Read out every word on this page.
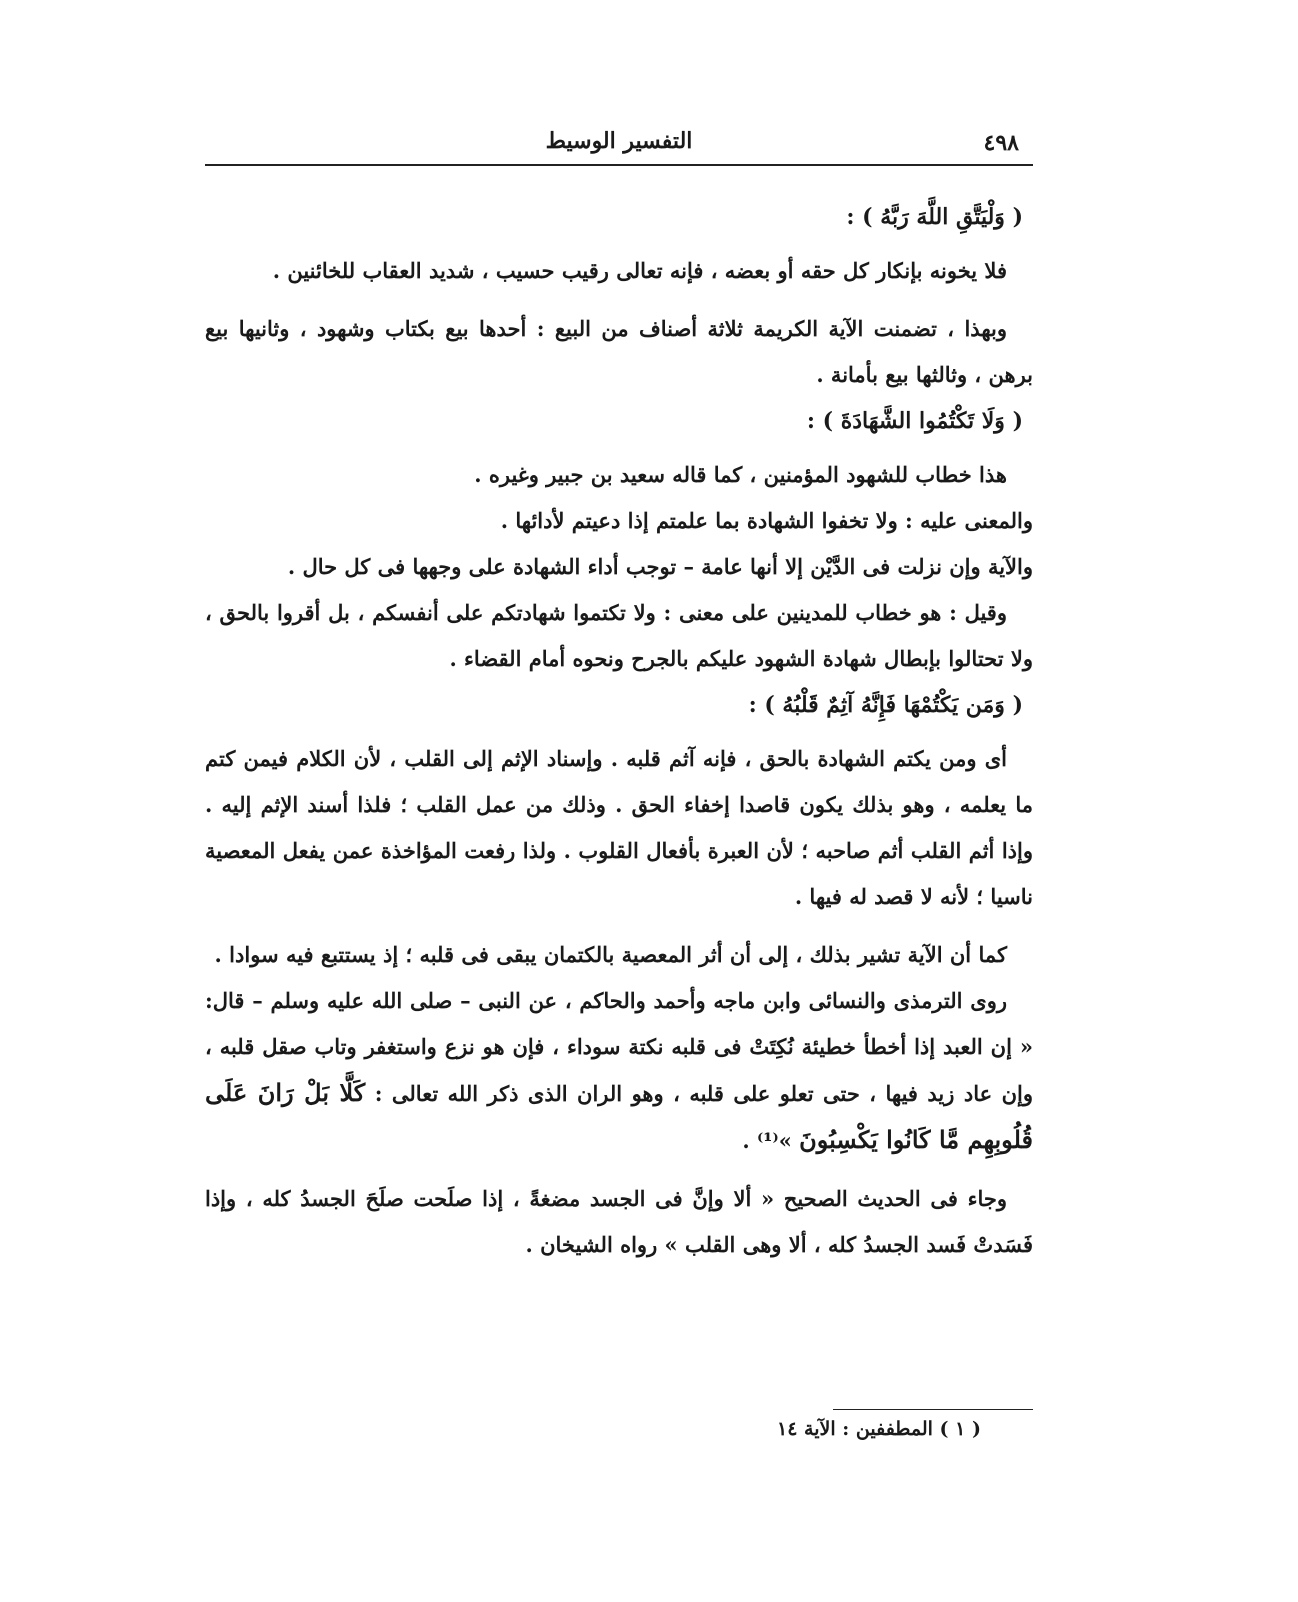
٤٩٨
التفسير الوسيط
( وَلْيَتَّقِ اللَّهَ رَبَّهُ ) :

فلا يخونه بإنكار كل حقه أو بعضه ، فإنه تعالى رقيب حسيب ، شديد العقاب للخائنين .

وبهذا ، تضمنت الآية الكريمة ثلاثة أصناف من البيع : أحدها بيع بكتاب وشهود ، وثانيها بيع برهن ، وثالثها بيع بأمانة .

( وَلَا تَكْتُمُوا الشَّهَادَةَ ) :

هذا خطاب للشهود المؤمنين ، كما قاله سعيد بن جبير وغيره .

والمعنى عليه : ولا تخفوا الشهادة بما علمتم إذا دعيتم لأدائها .

والآية وإن نزلت فى الدَّيْن إلا أنها عامة – توجب أداء الشهادة على وجهها فى كل حال .

وقيل : هو خطاب للمدينين على معنى : ولا تكتموا شهادتكم على أنفسكم ، بل أقروا بالحق ، ولا تحتالوا بإبطال شهادة الشهود عليكم بالجرح ونحوه أمام القضاء .

( وَمَن يَكْتُمْهَا فَإِنَّهُ آثِمٌ قَلْبُهُ ) :

أى ومن يكتم الشهادة بالحق ، فإنه آثم قلبه . وإسناد الإثم إلى القلب ، لأن الكلام فيمن كتم ما يعلمه ، وهو بذلك يكون قاصدا إخفاء الحق . وذلك من عمل القلب ؛ فلذا أسند الإثم إليه . وإذا أثم القلب أثم صاحبه ؛ لأن العبرة بأفعال القلوب . ولذا رفعت المؤاخذة عمن يفعل المعصية ناسيا ؛ لأنه لا قصد له فيها .

كما أن الآية تشير بذلك ، إلى أن أثر المعصية بالكتمان يبقى فى قلبه ؛ إذ يستتبع فيه سوادا .

روى الترمذى والنسائى وابن ماجه وأحمد والحاكم ، عن النبى – صلى الله عليه وسلم – قال: « إن العبد إذا أخطأ خطيئة نُكِتَتْ فى قلبه نكتة سوداء ، فإن هو نزع واستغفر وتاب صقل قلبه ، وإن عاد زيد فيها ، حتى تعلو على قلبه ، وهو الران الذى ذكر الله تعالى : كَلَّا بَلْ رَانَ عَلَى قُلُوبِهِم مَّا كَانُوا يَكْسِبُونَ »⁽¹⁾ .

وجاء فى الحديث الصحيح « ألا وإنَّ فى الجسد مضغةً ، إذا صلَحت صلَحَ الجسدُ كله ، وإذا فَسَدتْ فَسد الجسدُ كله ، ألا وهى القلب » رواه الشيخان .

( ١ ) المطففين : الآية ١٤
